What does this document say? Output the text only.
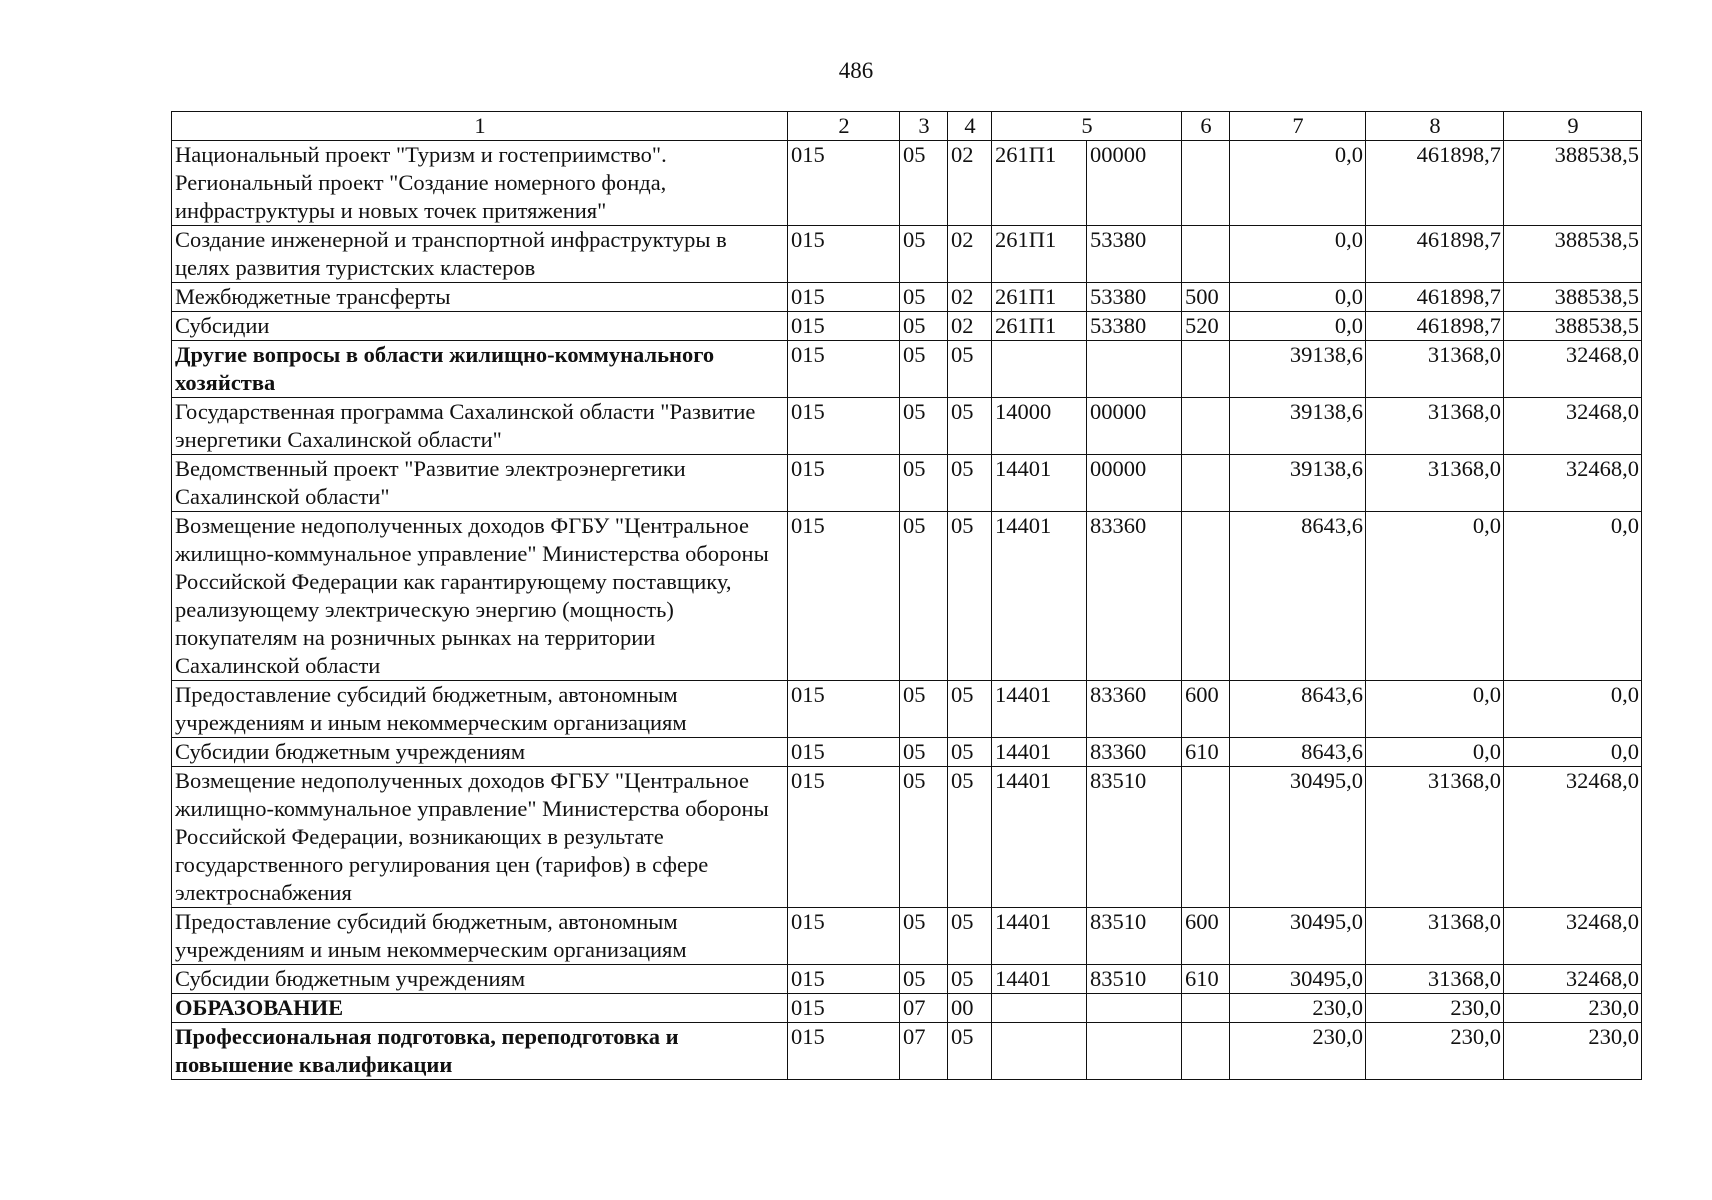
486
1	2	3	4	5		6	7	8	9
Национальный проект "Туризм и гостеприимство". Региональный проект "Создание номерного фонда, инфраструктуры и новых точек притяжения"	015	05	02	261П1	00000		0,0	461898,7	388538,5
Создание инженерной и транспортной инфраструктуры в целях развития туристских кластеров	015	05	02	261П1	53380		0,0	461898,7	388538,5
Межбюджетные трансферты	015	05	02	261П1	53380	500	0,0	461898,7	388538,5
Субсидии	015	05	02	261П1	53380	520	0,0	461898,7	388538,5
Другие вопросы в области жилищно-коммунального хозяйства	015	05	05				39138,6	31368,0	32468,0
Государственная программа Сахалинской области "Развитие энергетики Сахалинской области"	015	05	05	14000	00000		39138,6	31368,0	32468,0
Ведомственный проект "Развитие электроэнергетики Сахалинской области"	015	05	05	14401	00000		39138,6	31368,0	32468,0
Возмещение недополученных доходов ФГБУ "Центральное жилищно-коммунальное управление" Министерства обороны Российской Федерации как гарантирующему поставщику, реализующему электрическую энергию (мощность) покупателям на розничных рынках на территории Сахалинской области	015	05	05	14401	83360		8643,6	0,0	0,0
Предоставление субсидий бюджетным, автономным учреждениям и иным некоммерческим организациям	015	05	05	14401	83360	600	8643,6	0,0	0,0
Субсидии бюджетным учреждениям	015	05	05	14401	83360	610	8643,6	0,0	0,0
Возмещение недополученных доходов ФГБУ "Центральное жилищно-коммунальное управление" Министерства обороны Российской Федерации, возникающих в результате государственного регулирования цен (тарифов) в сфере электроснабжения	015	05	05	14401	83510		30495,0	31368,0	32468,0
Предоставление субсидий бюджетным, автономным учреждениям и иным некоммерческим организациям	015	05	05	14401	83510	600	30495,0	31368,0	32468,0
Субсидии бюджетным учреждениям	015	05	05	14401	83510	610	30495,0	31368,0	32468,0
ОБРАЗОВАНИЕ	015	07	00				230,0	230,0	230,0
Профессиональная подготовка, переподготовка и повышение квалификации	015	07	05				230,0	230,0	230,0
